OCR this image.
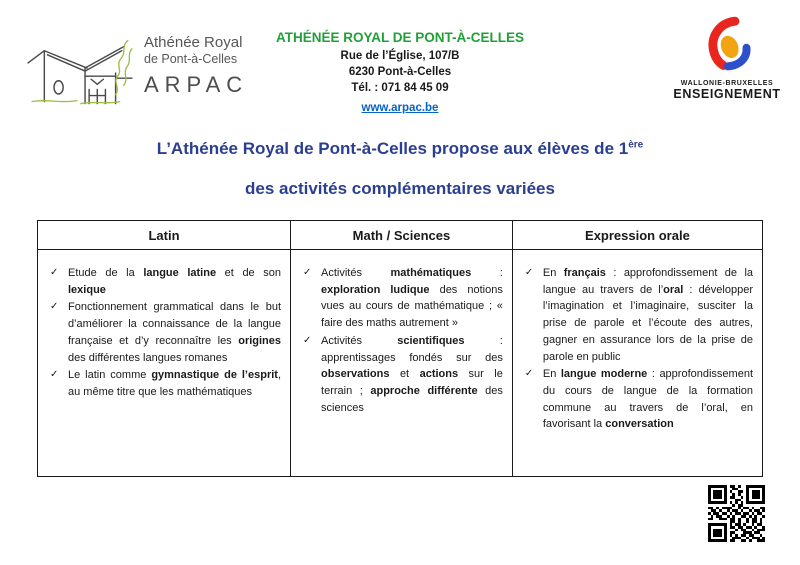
Athénée Royal
de Pont-à-Celles
ARPAC
ATHÉNÉE ROYAL DE PONT-À-CELLES
Rue de l’Église, 107/B
6230 Pont-à-Celles
Tél. : 071 84 45 09
www.arpac.be
WALLONIE-BRUXELLES
ENSEIGNEMENT
L’Athénée Royal de Pont-à-Celles propose aux élèves de 1ère
des activités complémentaires variées
Latin	Math / Sciences	Expression orale

✓ Etude de la langue latine et de son lexique
✓ Fonctionnement grammatical dans le but d’améliorer la connaissance de la langue française et d’y reconnaître les origines des différentes langues romanes
✓ Le latin comme gymnastique de l’esprit, au même titre que les mathématiques

✓ Activités mathématiques : exploration ludique des notions vues au cours de mathématique ; « faire des maths autrement »
✓ Activités scientifiques : apprentissages fondés sur des observations et actions sur le terrain ; approche différente des sciences

✓ En français : approfondissement de la langue au travers de l’oral : développer l’imagination et l’imaginaire, susciter la prise de parole et l’écoute des autres, gagner en assurance lors de la prise de parole en public
✓ En langue moderne : approfondissement du cours de langue de la formation commune au travers de l’oral, en favorisant la conversation
